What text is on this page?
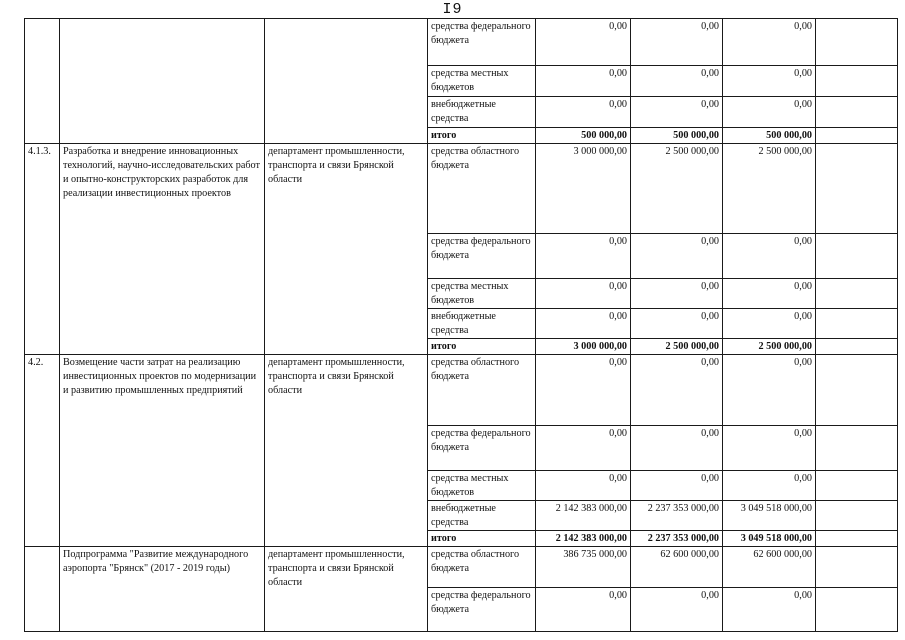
I9
			средства федерального бюджета	0,00	0,00	0,00	
			средства местных бюджетов	0,00	0,00	0,00	
			внебюджетные средства	0,00	0,00	0,00	
			итого	500 000,00	500 000,00	500 000,00	
4.1.3.	Разработка и внедрение инновационных технологий, научно-исследовательских работ и опытно-конструкторских разработок для реализации инвестиционных проектов	департамент промышленности, транспорта и связи Брянской области	средства областного бюджета	3 000 000,00	2 500 000,00	2 500 000,00	
			средства федерального бюджета	0,00	0,00	0,00	
			средства местных бюджетов	0,00	0,00	0,00	
			внебюджетные средства	0,00	0,00	0,00	
			итого	3 000 000,00	2 500 000,00	2 500 000,00	
4.2.	Возмещение части затрат на реализацию инвестиционных проектов по модернизации и развитию промышленных предприятий	департамент промышленности, транспорта и связи Брянской области	средства областного бюджета	0,00	0,00	0,00	
			средства федерального бюджета	0,00	0,00	0,00	
			средства местных бюджетов	0,00	0,00	0,00	
			внебюджетные средства	2 142 383 000,00	2 237 353 000,00	3 049 518 000,00	
			итого	2 142 383 000,00	2 237 353 000,00	3 049 518 000,00	
	Подпрограмма "Развитие международного аэропорта "Брянск" (2017 - 2019 годы)	департамент промышленности, транспорта и связи Брянской области	средства областного бюджета	386 735 000,00	62 600 000,00	62 600 000,00	
			средства федерального бюджета	0,00	0,00	0,00	
